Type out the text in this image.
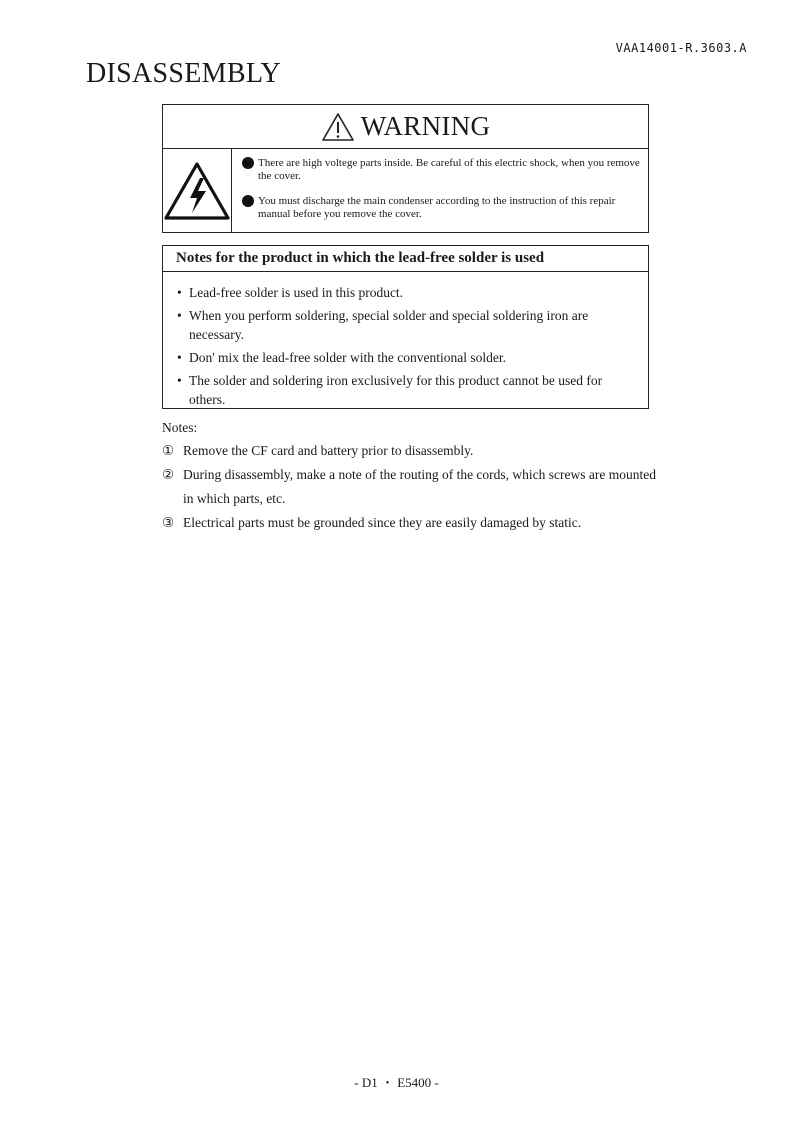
VAA14001-R.3603.A
DISASSEMBLY
WARNING
There are high voltege parts inside. Be careful of this electric shock, when you remove the cover.
You must discharge the main condenser according to the instruction of this repair manual before you remove the cover.
Notes for the product in which the lead-free solder is used
• Lead-free solder is used in this product.
• When you perform soldering, special solder and special soldering iron are necessary.
• Don' mix the lead-free solder with the conventional solder.
• The solder and soldering iron exclusively for this product cannot be used for others.
Notes:
① Remove the CF card and battery prior to disassembly.
② During disassembly, make a note of the routing of the cords, which screws are mounted in which parts, etc.
③ Electrical parts must be grounded since they are easily damaged by static.
- D1 ・ E5400 -
